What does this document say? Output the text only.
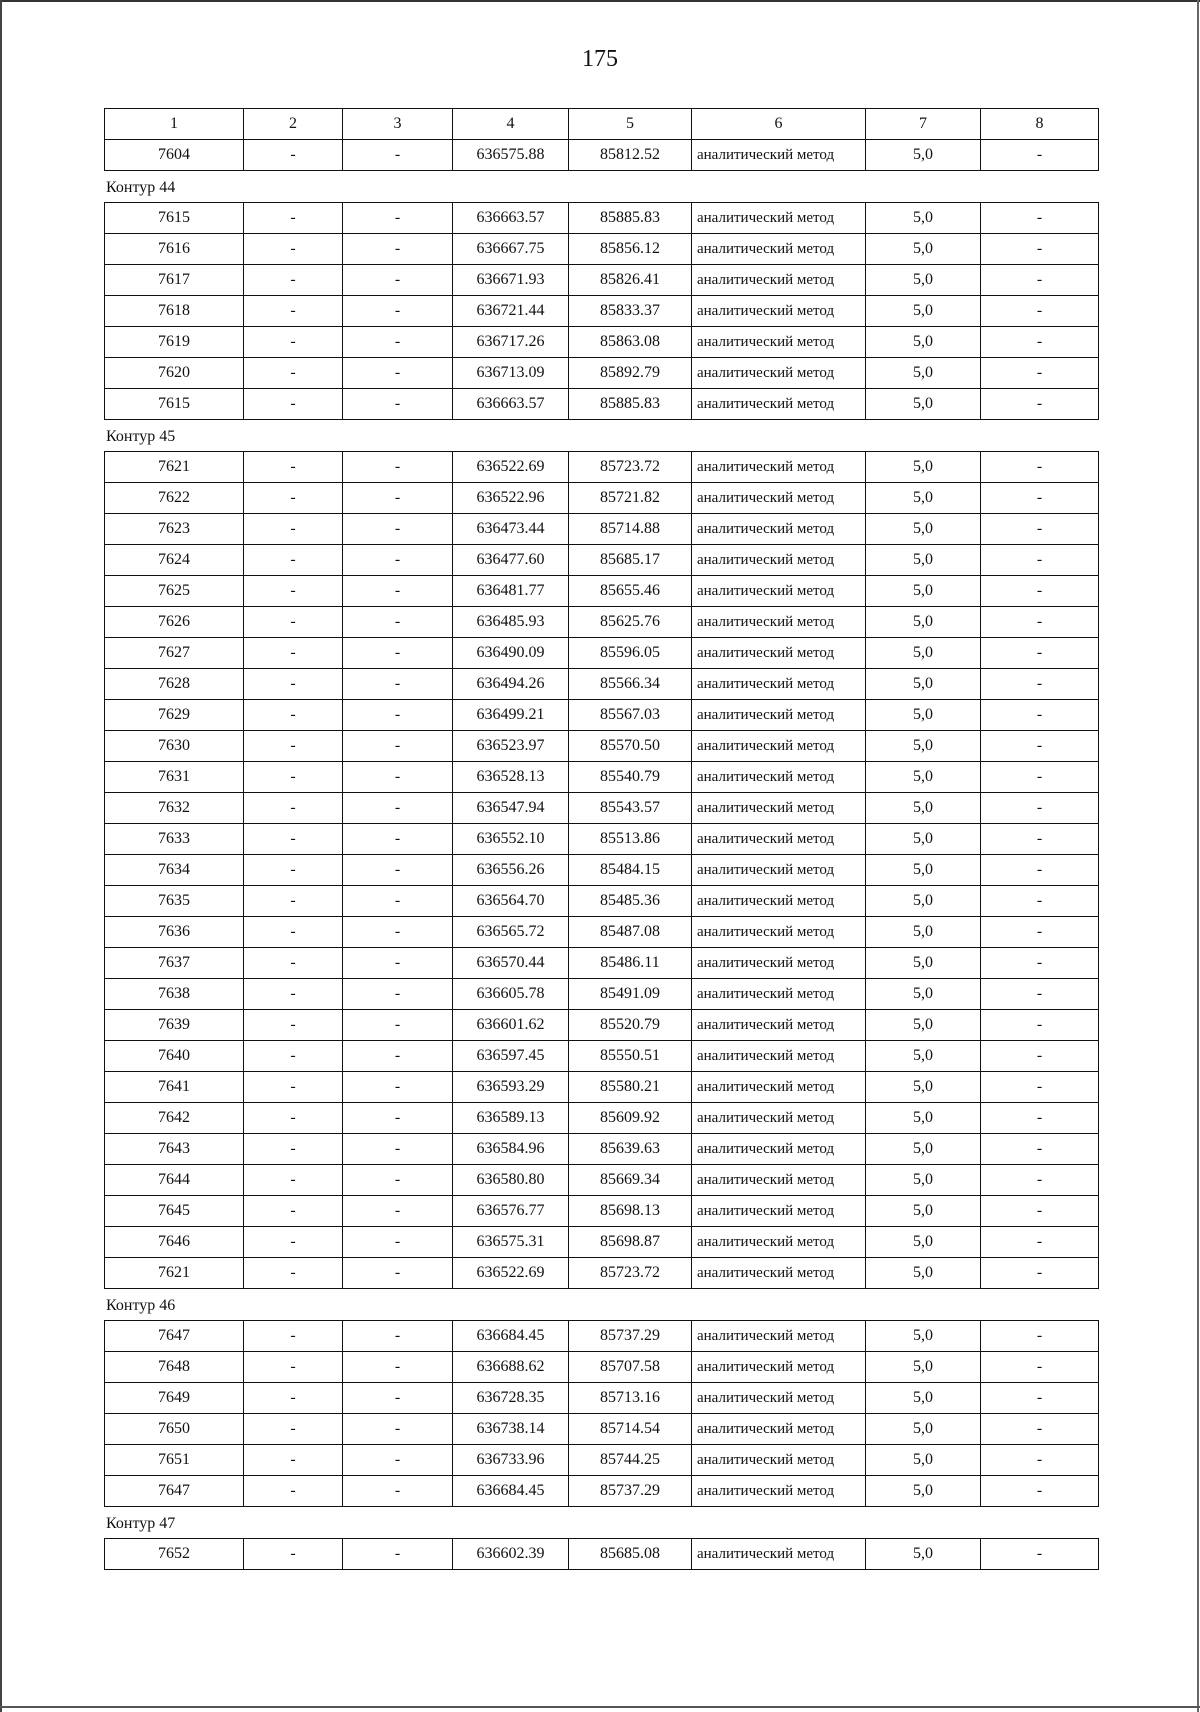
175
1	2	3	4	5	6	7	8
7604	-	-	636575.88	85812.52	аналитический метод	5,0	-
Контур 44
7615	-	-	636663.57	85885.83	аналитический метод	5,0	-
7616	-	-	636667.75	85856.12	аналитический метод	5,0	-
7617	-	-	636671.93	85826.41	аналитический метод	5,0	-
7618	-	-	636721.44	85833.37	аналитический метод	5,0	-
7619	-	-	636717.26	85863.08	аналитический метод	5,0	-
7620	-	-	636713.09	85892.79	аналитический метод	5,0	-
7615	-	-	636663.57	85885.83	аналитический метод	5,0	-
Контур 45
7621	-	-	636522.69	85723.72	аналитический метод	5,0	-
7622	-	-	636522.96	85721.82	аналитический метод	5,0	-
7623	-	-	636473.44	85714.88	аналитический метод	5,0	-
7624	-	-	636477.60	85685.17	аналитический метод	5,0	-
7625	-	-	636481.77	85655.46	аналитический метод	5,0	-
7626	-	-	636485.93	85625.76	аналитический метод	5,0	-
7627	-	-	636490.09	85596.05	аналитический метод	5,0	-
7628	-	-	636494.26	85566.34	аналитический метод	5,0	-
7629	-	-	636499.21	85567.03	аналитический метод	5,0	-
7630	-	-	636523.97	85570.50	аналитический метод	5,0	-
7631	-	-	636528.13	85540.79	аналитический метод	5,0	-
7632	-	-	636547.94	85543.57	аналитический метод	5,0	-
7633	-	-	636552.10	85513.86	аналитический метод	5,0	-
7634	-	-	636556.26	85484.15	аналитический метод	5,0	-
7635	-	-	636564.70	85485.36	аналитический метод	5,0	-
7636	-	-	636565.72	85487.08	аналитический метод	5,0	-
7637	-	-	636570.44	85486.11	аналитический метод	5,0	-
7638	-	-	636605.78	85491.09	аналитический метод	5,0	-
7639	-	-	636601.62	85520.79	аналитический метод	5,0	-
7640	-	-	636597.45	85550.51	аналитический метод	5,0	-
7641	-	-	636593.29	85580.21	аналитический метод	5,0	-
7642	-	-	636589.13	85609.92	аналитический метод	5,0	-
7643	-	-	636584.96	85639.63	аналитический метод	5,0	-
7644	-	-	636580.80	85669.34	аналитический метод	5,0	-
7645	-	-	636576.77	85698.13	аналитический метод	5,0	-
7646	-	-	636575.31	85698.87	аналитический метод	5,0	-
7621	-	-	636522.69	85723.72	аналитический метод	5,0	-
Контур 46
7647	-	-	636684.45	85737.29	аналитический метод	5,0	-
7648	-	-	636688.62	85707.58	аналитический метод	5,0	-
7649	-	-	636728.35	85713.16	аналитический метод	5,0	-
7650	-	-	636738.14	85714.54	аналитический метод	5,0	-
7651	-	-	636733.96	85744.25	аналитический метод	5,0	-
7647	-	-	636684.45	85737.29	аналитический метод	5,0	-
Контур 47
7652	-	-	636602.39	85685.08	аналитический метод	5,0	-
